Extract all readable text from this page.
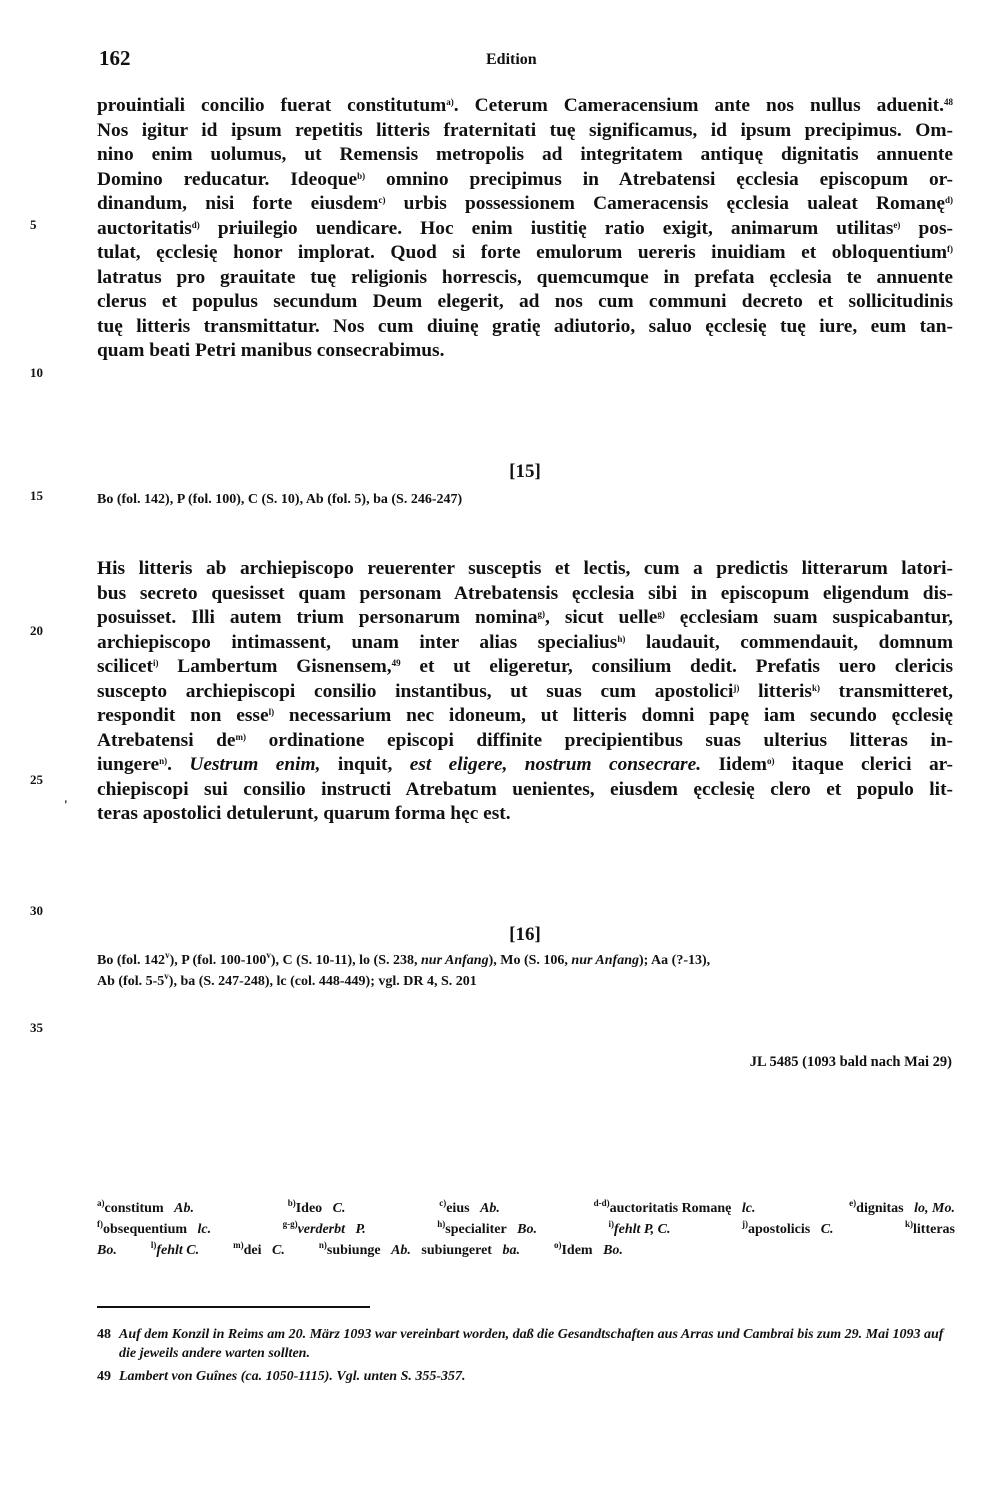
162	Edition
5
10
15
20
25
'
30
35
prouintiali concilio fuerat constitutum$^{a)}$. Ceterum Cameracensium ante nos nullus aduenit.$^{48}$
Nos igitur id ipsum repetitis litteris fraternitati tuę significamus, id ipsum precipimus. Om-
nino enim uolumus, ut Remensis metropolis ad integritatem antiquę dignitatis annuente
Domino reducatur. Ideoque$^{b)}$ omnino precipimus in Atrebatensi ęcclesia episcopum or-
dinandum, nisi forte eiusdem$^{c)}$ urbis possessionem Cameracensis ęcclesia ualeat Romanę$^{d)}$
auctoritatis$^{d)}$ priuilegio uendicare. Hoc enim iustitię ratio exigit, animarum utilitas$^{e)}$ pos-
tulat, ęcclesię honor implorat. Quod si forte emulorum uereris inuidiam et obloquentium$^{f)}$
latratus pro grauitate tuę religionis horrescis, quemcumque in prefata ęcclesia te annuente
clerus et populus secundum Deum elegerit, ad nos cum communi decreto et sollicitudinis
tuę litteris transmittatur. Nos cum diuinę gratię adiutorio, saluo ęcclesię tuę iure, eum tan-
quam beati Petri manibus consecrabimus.
[15]
Bo (fol. 142), P (fol. 100), C (S. 10), Ab (fol. 5), ba (S. 246-247)
His litteris ab archiepiscopo reuerenter susceptis et lectis, cum a predictis litterarum latori-
bus secreto quesisset quam personam Atrebatensis ęcclesia sibi in episcopum eligendum dis-
posuisset. Illi autem trium personarum nomina$^{g)}$, sicut uelle$^{g)}$ ęcclesiam suam suspicabantur,
archiepiscopo intimassent, unam inter alias specialius$^{h)}$ laudauit, commendauit, domnum
scilicet$^{i)}$ Lambertum Gisnensem,$^{49}$ et ut eligeretur, consilium dedit. Prefatis uero clericis
suscepto archiepiscopi consilio instantibus, ut suas cum apostolici$^{j)}$ litteris$^{k)}$ transmitteret,
respondit non esse$^{l)}$ necessarium nec idoneum, ut litteris domni papę iam secundo ęcclesię
Atrebatensi $de^{m)}$ ordinatione episcopi diffinite precipientibus suas ulterius litteras in-
iungere$^{n)}$. Uestrum enim, inquit, est eligere, nostrum consecrare. Iidem$^{o)}$ itaque clerici ar-
chiepiscopi sui consilio instructi Atrebatum uenientes, eiusdem ęcclesię clero et populo lit-
teras apostolici detulerunt, quarum forma hęc est.
[16]
Bo (fol. 142$^v$), P (fol. 100-100$^v$), C (S. 10-11), lo (S. 238, nur Anfang), Mo (S. 106, nur Anfang); Aa (?-13),
Ab (fol. 5-5$^v$), ba (S. 247-248), lc (col. 448-449); vgl. DR 4, S. 201
JL 5485 (1093 bald nach Mai 29)
$^{a)}$constitum Ab.	$^{b)}$Ideo C.	$^{c)}$eius Ab.	$^{d-d)}$auctoritatis Romanę lc.	$^{e)}$dignitas lo, Mo.
$^{f)}$obsequentium lc.	$^{g-g)}$verderbt P.	$^{h)}$specialiter Bo.	$^{i)}$fehlt P, C.	$^{j)}$apostolicis C.	$^{k)}$litteras
Bo.	$^{l)}$fehlt C.	$^{m)}$dei C.	$^{n)}$subiunge Ab. subiungeret ba.	$^{o)}$Idem Bo.
48 Auf dem Konzil in Reims am 20. März 1093 war vereinbart worden, daß die Gesandtschaften aus Arras und Cambrai bis zum 29. Mai 1093 auf die jeweils andere warten sollten.
49 Lambert von Guînes (ca. 1050-1115). Vgl. unten S. 355-357.
